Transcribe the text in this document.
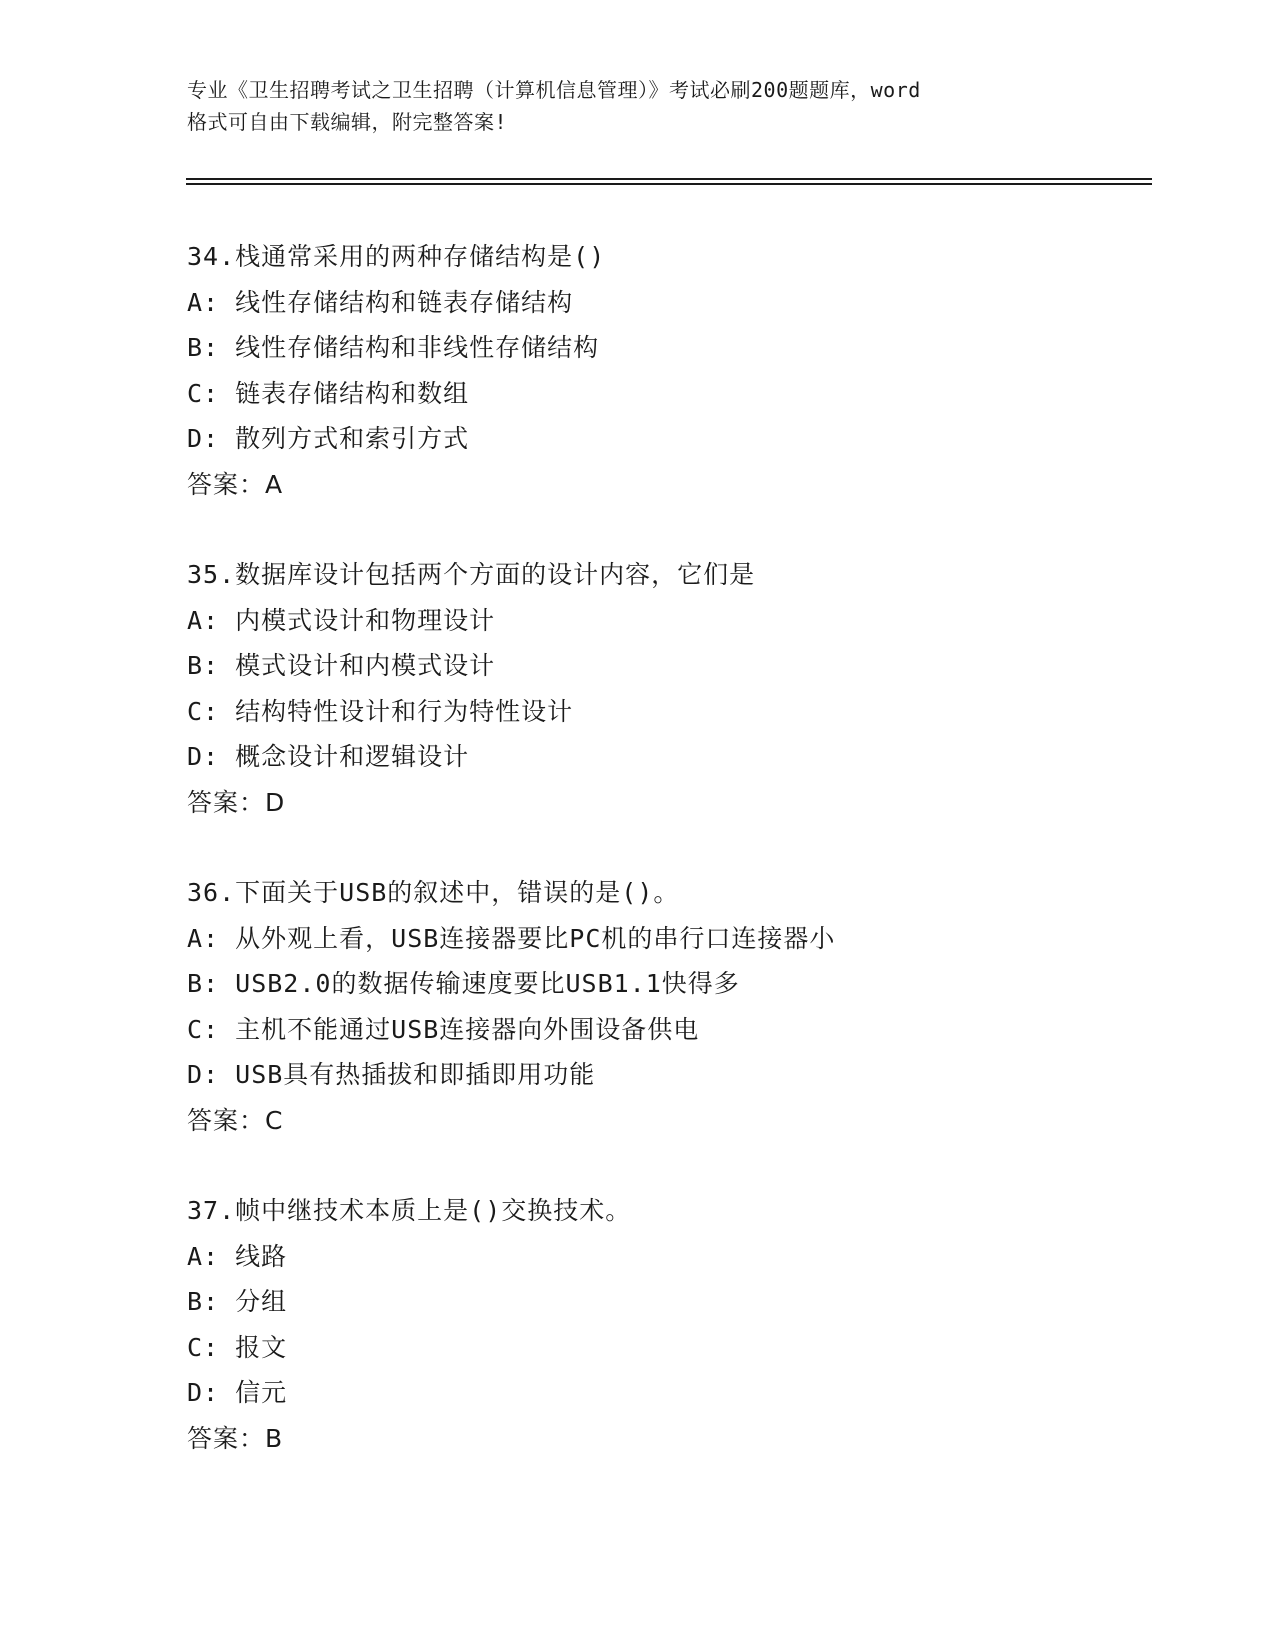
专业《卫生招聘考试之卫生招聘（计算机信息管理）》考试必刷200题题库，word

格式可自由下载编辑，附完整答案!

34.栈通常采用的两种存储结构是()
A: 线性存储结构和链表存储结构
B: 线性存储结构和非线性存储结构
C: 链表存储结构和数组
D: 散列方式和索引方式
答案：A
35.数据库设计包括两个方面的设计内容，它们是
A: 内模式设计和物理设计
B: 模式设计和内模式设计
C: 结构特性设计和行为特性设计
D: 概念设计和逻辑设计
答案：D
36.下面关于USB的叙述中，错误的是()。
A: 从外观上看，USB连接器要比PC机的串行口连接器小
B: USB2.0的数据传输速度要比USB1.1快得多
C: 主机不能通过USB连接器向外围设备供电
D: USB具有热插拔和即插即用功能
答案：C
37.帧中继技术本质上是()交换技术。
A: 线路
B: 分组
C: 报文
D: 信元
答案：B
